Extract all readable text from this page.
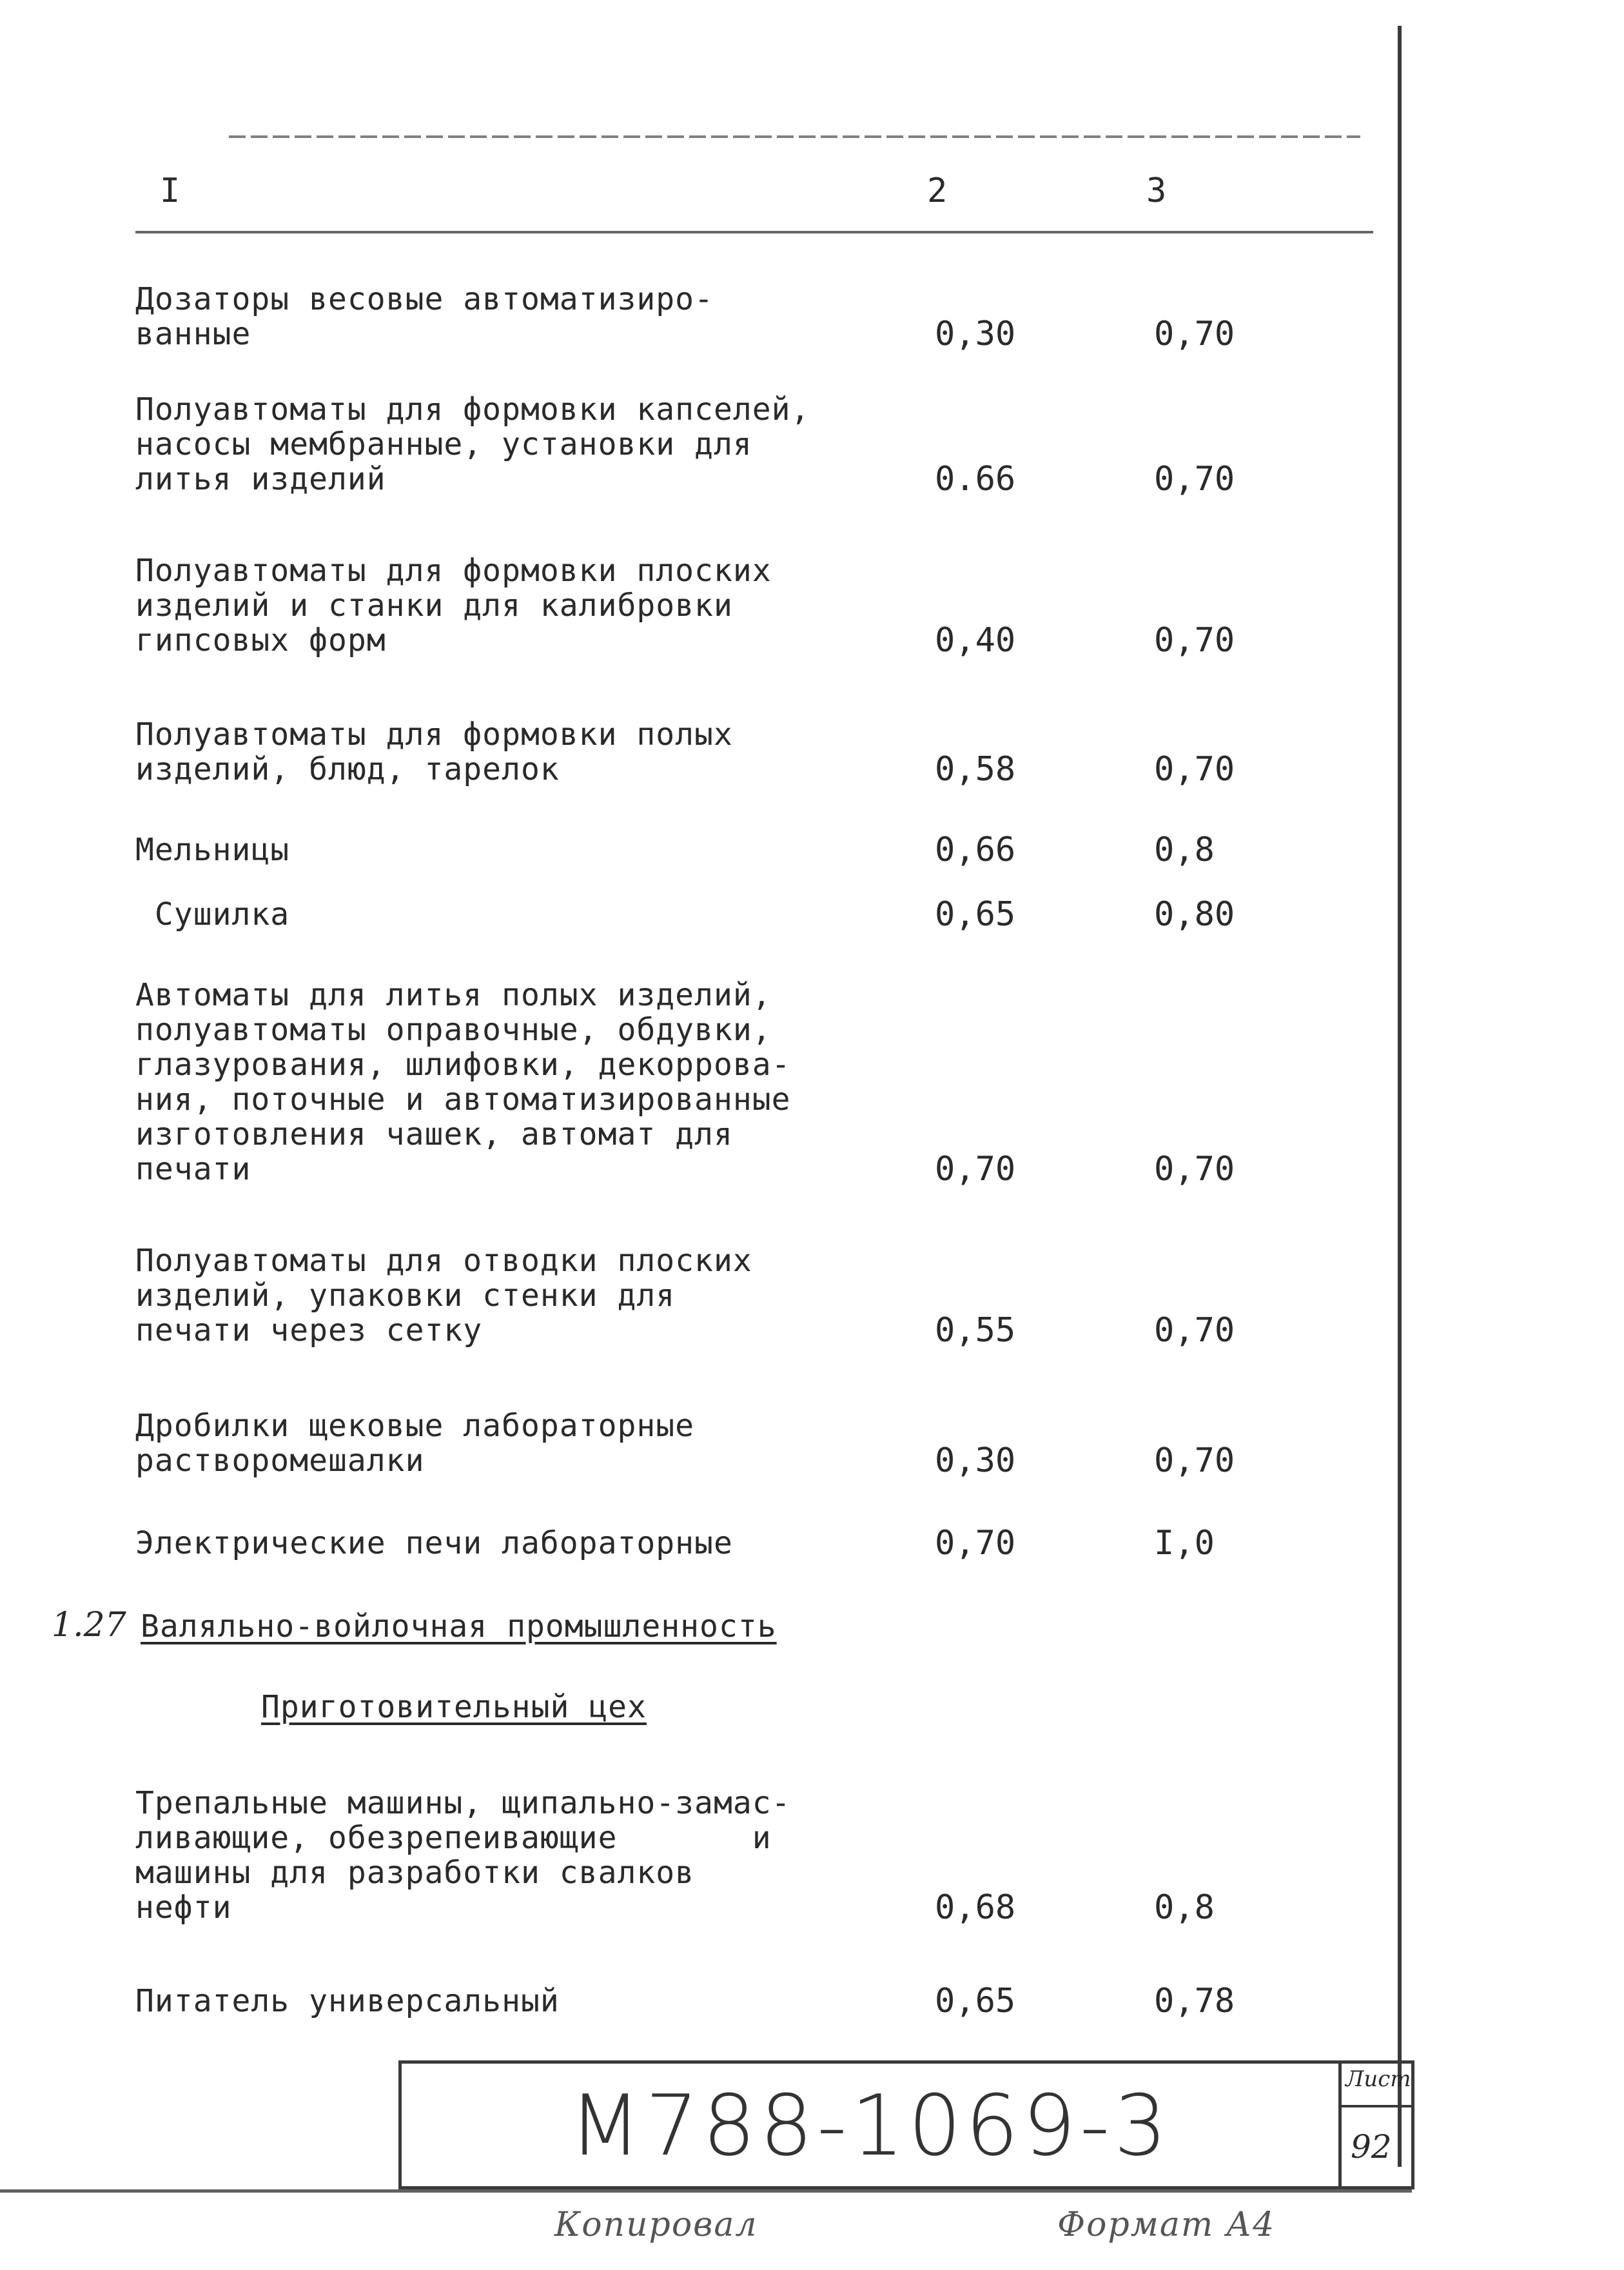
I	2	3
Дозаторы весовые автоматизиро-
ванные	0,30	0,70
Полуавтоматы для формовки капселей,
насосы мембранные, установки для
литья изделий	0.66	0,70
Полуавтоматы для формовки плоских
изделий и станки для калибровки
гипсовых форм	0,40	0,70
Полуавтоматы для формовки полых
изделий, блюд, тарелок	0,58	0,70
Мельницы	0,66	0,8
Сушилка	0,65	0,80
Автоматы для литья полых изделий,
полуавтоматы оправочные, обдувки,
глазурования, шлифовки, декоррова-
ния, поточные и автоматизированные
изготовления чашек, автомат для
печати	0,70	0,70
Полуавтоматы для отводки плоских
изделий, упаковки стенки для
печати через сетку	0,55	0,70
Дробилки щековые лабораторные
растворомешалки	0,30	0,70
Электрические печи лабораторные	0,70	I,0
1.27 Валяльно-войлочная промышленность
Приготовительный цех
Трепальные машины, щипально-замас-
ливающие, обезрепеивающие       и
машины для разработки свалков
нефти	0,68	0,8
Питатель универсальный	0,65	0,78
М788-1069-3	Лист
92
Копировал	Формат А4
